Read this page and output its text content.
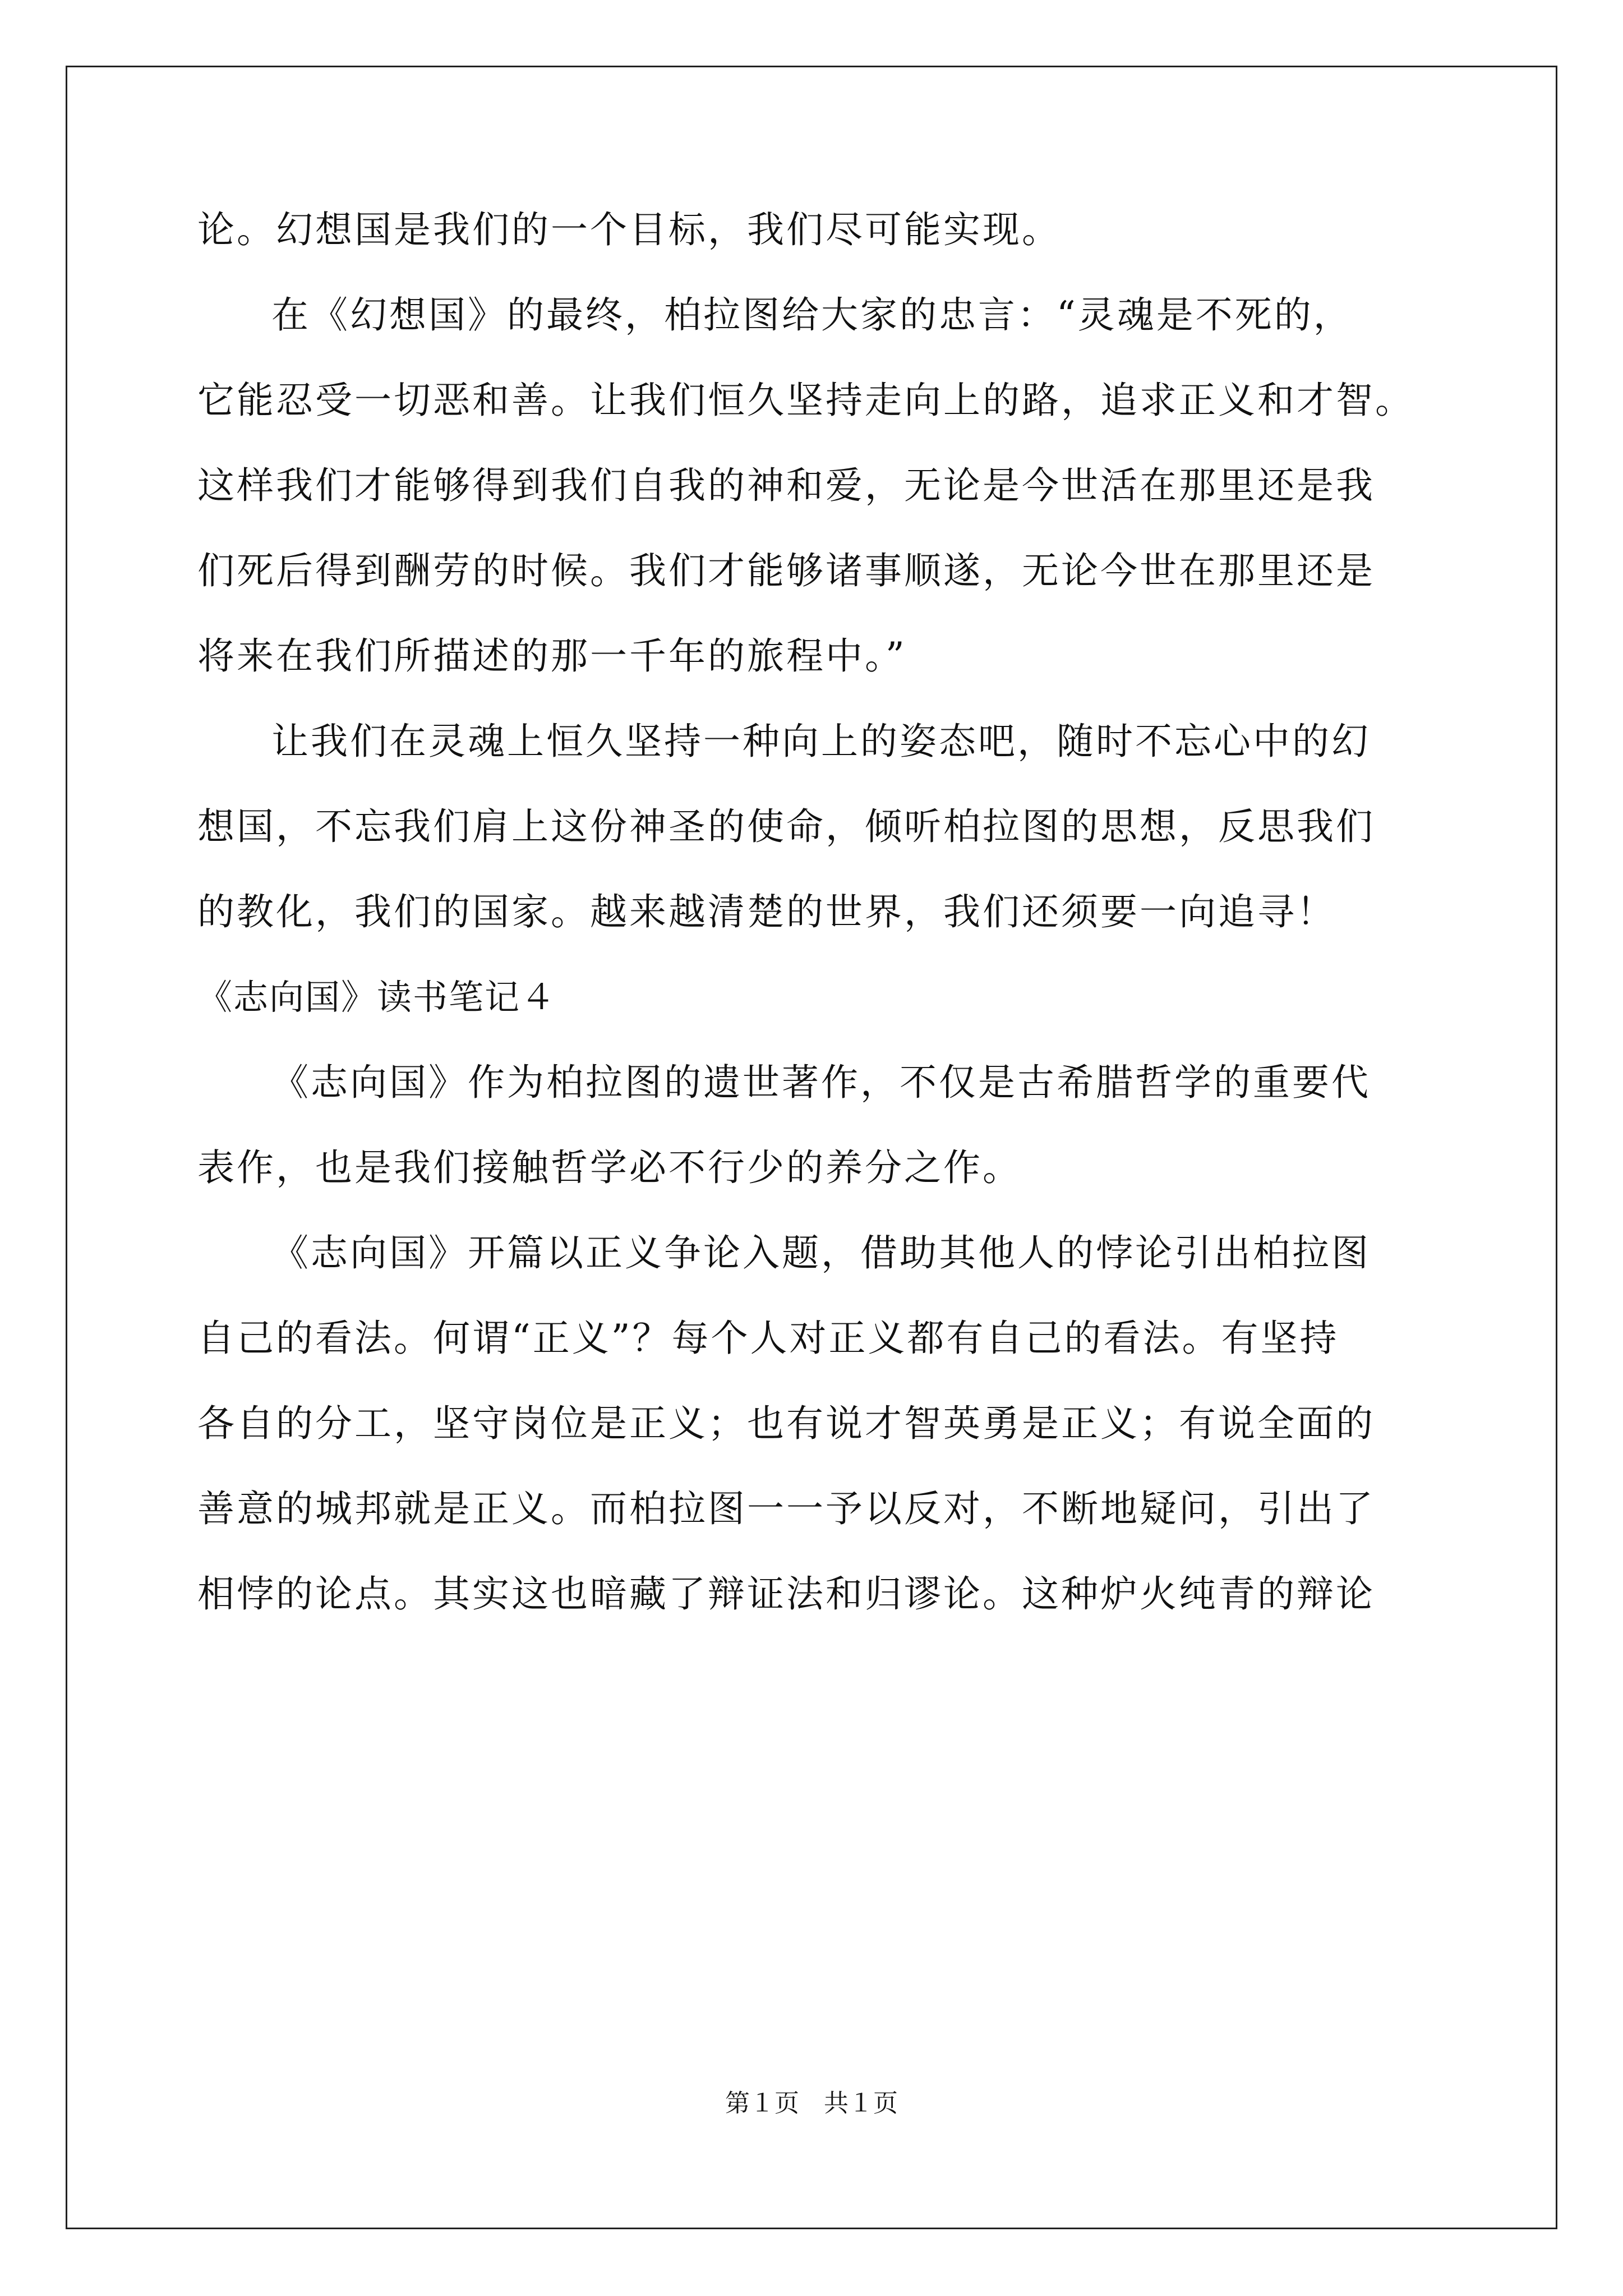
论。幻想国是我们的一个目标，我们尽可能实现。
在《幻想国》的最终，柏拉图给大家的忠言：“灵魂是不死的，
它能忍受一切恶和善。让我们恒久坚持走向上的路，追求正义和才智。
这样我们才能够得到我们自我的神和爱，无论是今世活在那里还是我
们死后得到酬劳的时候。我们才能够诸事顺遂，无论今世在那里还是
将来在我们所描述的那一千年的旅程中。”
让我们在灵魂上恒久坚持一种向上的姿态吧，随时不忘心中的幻
想国，不忘我们肩上这份神圣的使命，倾听柏拉图的思想，反思我们
的教化，我们的国家。越来越清楚的世界，我们还须要一向追寻！
《志向国》读书笔记４
《志向国》作为柏拉图的遗世著作，不仅是古希腊哲学的重要代
表作，也是我们接触哲学必不行少的养分之作。
《志向国》开篇以正义争论入题，借助其他人的悖论引出柏拉图
自己的看法。何谓“正义”？每个人对正义都有自己的看法。有坚持
各自的分工，坚守岗位是正义；也有说才智英勇是正义；有说全面的
善意的城邦就是正义。而柏拉图一一予以反对，不断地疑问，引出了
相悖的论点。其实这也暗藏了辩证法和归谬论。这种炉火纯青的辩论
第１页　共１页
